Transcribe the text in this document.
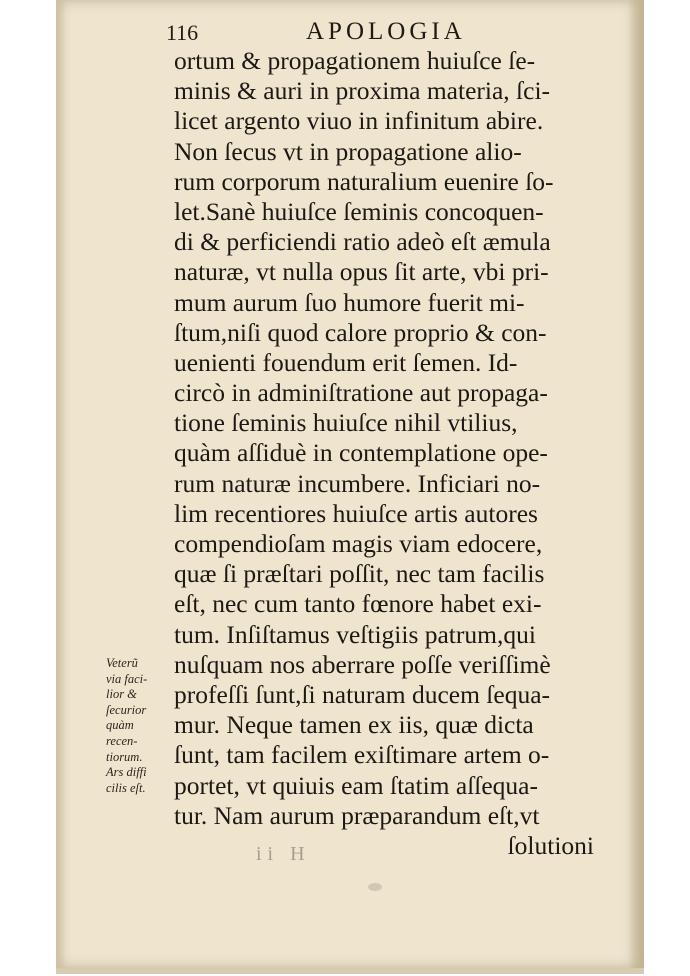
116	APOLOGIA
ortum & propagationem huiuſce ſe-
minis & auri in proxima materia, ſci-
licet argento viuo in infinitum abire.
Non ſecus vt in propagatione alio-
rum corporum naturalium euenire ſo-
let.Sanè huiuſce ſeminis concoquen-
di & perficiendi ratio adeò eſt æmula
naturæ, vt nulla opus ſit arte, vbi pri-
mum aurum ſuo humore fuerit mi-
ſtum,niſi quod calore proprio & con-
uenienti fouendum erit ſemen. Id-
circò in adminiſtratione aut propaga-
tione ſeminis huiuſce nihil vtilius,
quàm aſſiduè in contemplatione ope-
rum naturæ incumbere. Inficiari no-
lim recentiores huiuſce artis autores
compendioſam magis viam edocere,
quæ ſi præſtari poſſit, nec tam facilis
eſt, nec cum tanto fœnore habet exi-
tum. Inſiſtamus veſtigiis patrum,qui
nuſquam nos aberrare poſſe veriſſimè
profeſſi ſunt,ſi naturam ducem ſequa-
mur. Neque tamen ex iis, quæ dicta
ſunt, tam facilem exiſtimare artem o-
portet, vt quiuis eam ſtatim aſſequa-
tur. Nam aurum præparandum eſt,vt
ſolutioni
Veterũ
via faci-
lior &
ſecurior
quàm
recen-
tiorum.
Ars diffi
cilis eſt.
ii H
